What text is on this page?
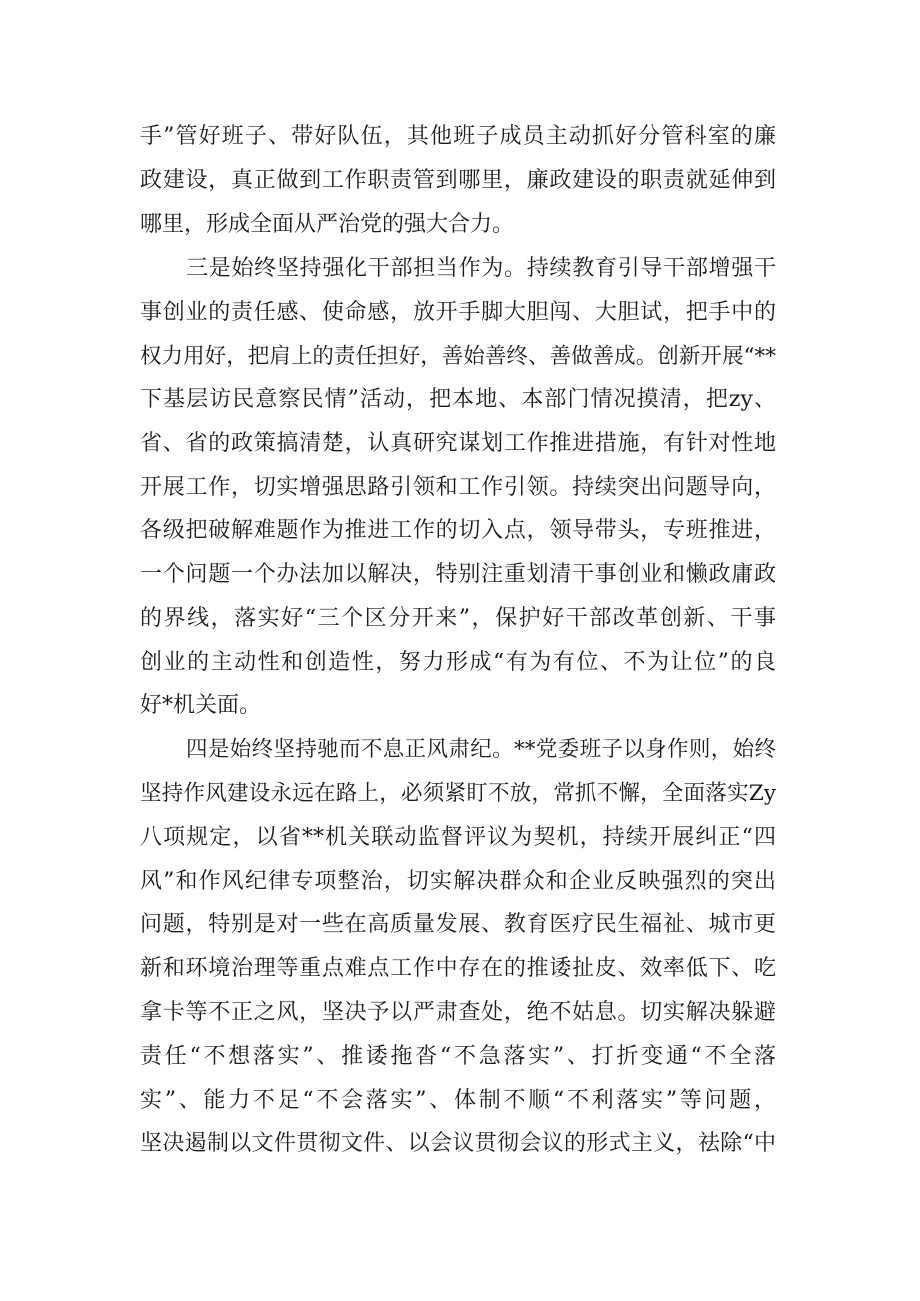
手”管好班子、带好队伍，其他班子成员主动抓好分管科室的廉
政建设，真正做到工作职责管到哪里，廉政建设的职责就延伸到
哪里，形成全面从严治党的强大合力。
三是始终坚持强化干部担当作为。持续教育引导干部增强干
事创业的责任感、使命感，放开手脚大胆闯、大胆试，把手中的
权力用好，把肩上的责任担好，善始善终、善做善成。创新开展“**
下基层访民意察民情”活动，把本地、本部门情况摸清，把zy、
省、省的政策搞清楚，认真研究谋划工作推进措施，有针对性地
开展工作，切实增强思路引领和工作引领。持续突出问题导向，
各级把破解难题作为推进工作的切入点，领导带头，专班推进，
一个问题一个办法加以解决，特别注重划清干事创业和懒政庸政
的界线，落实好“三个区分开来”，保护好干部改革创新、干事
创业的主动性和创造性，努力形成“有为有位、不为让位”的良
好*机关面。
四是始终坚持驰而不息正风肃纪。**党委班子以身作则，始终
坚持作风建设永远在路上，必须紧盯不放，常抓不懈，全面落实Zy
八项规定，以省**机关联动监督评议为契机，持续开展纠正“四
风”和作风纪律专项整治，切实解决群众和企业反映强烈的突出
问题，特别是对一些在高质量发展、教育医疗民生福祉、城市更
新和环境治理等重点难点工作中存在的推诿扯皮、效率低下、吃
拿卡等不正之风，坚决予以严肃查处，绝不姑息。切实解决躲避
责任“不想落实”、推诿拖沓“不急落实”、打折变通“不全落
实”、能力不足“不会落实”、体制不顺“不利落实”等问题，
坚决遏制以文件贯彻文件、以会议贯彻会议的形式主义，祛除“中
